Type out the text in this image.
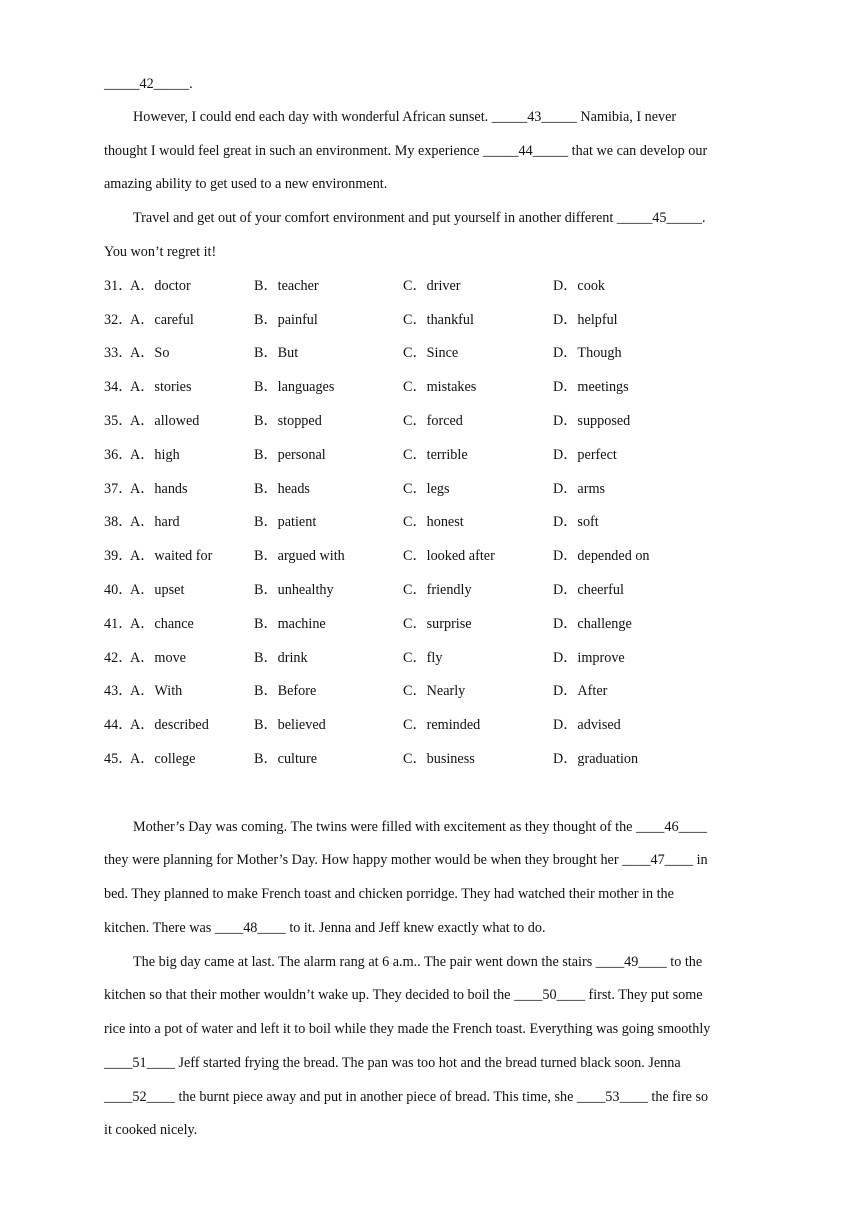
_____42_____.
However, I could end each day with wonderful African sunset. _____43_____ Namibia, I never
thought I would feel great in such an environment. My experience _____44_____ that we can develop our
amazing ability to get used to a new environment.
Travel and get out of your comfort environment and put yourself in another different _____45_____.
You won’t regret it!
31．
A．doctor	B．teacher	C．driver	D．cook
32．
A．careful	B．painful	C．thankful	D．helpful
33．
A．So	B．But	C．Since	D．Though
34．
A．stories	B．languages	C．mistakes	D．meetings
35．
A．allowed	B．stopped	C．forced	D．supposed
36．
A．high	B．personal	C．terrible	D．perfect
37．
A．hands	B．heads	C．legs	D．arms
38．
A．hard	B．patient	C．honest	D．soft
39．
A．waited for	B．argued with	C．looked after	D．depended on
40．
A．upset	B．unhealthy	C．friendly	D．cheerful
41．
A．chance	B．machine	C．surprise	D．challenge
42．
A．move	B．drink	C．fly	D．improve
43．
A．With	B．Before	C．Nearly	D．After
44．
A．described	B．believed	C．reminded	D．advised
45．
A．college	B．culture	C．business	D．graduation
Mother’s Day was coming. The twins were filled with excitement as they thought of the ____46____
they were planning for Mother’s Day. How happy mother would be when they brought her ____47____ in
bed. They planned to make French toast and chicken porridge. They had watched their mother in the
kitchen. There was ____48____ to it. Jenna and Jeff knew exactly what to do.
The big day came at last. The alarm rang at 6 a.m.. The pair went down the stairs ____49____ to the
kitchen so that their mother wouldn’t wake up. They decided to boil the ____50____ first. They put some
rice into a pot of water and left it to boil while they made the French toast. Everything was going smoothly
____51____ Jeff started frying the bread. The pan was too hot and the bread turned black soon. Jenna
____52____ the burnt piece away and put in another piece of bread. This time, she ____53____ the fire so
it cooked nicely.
